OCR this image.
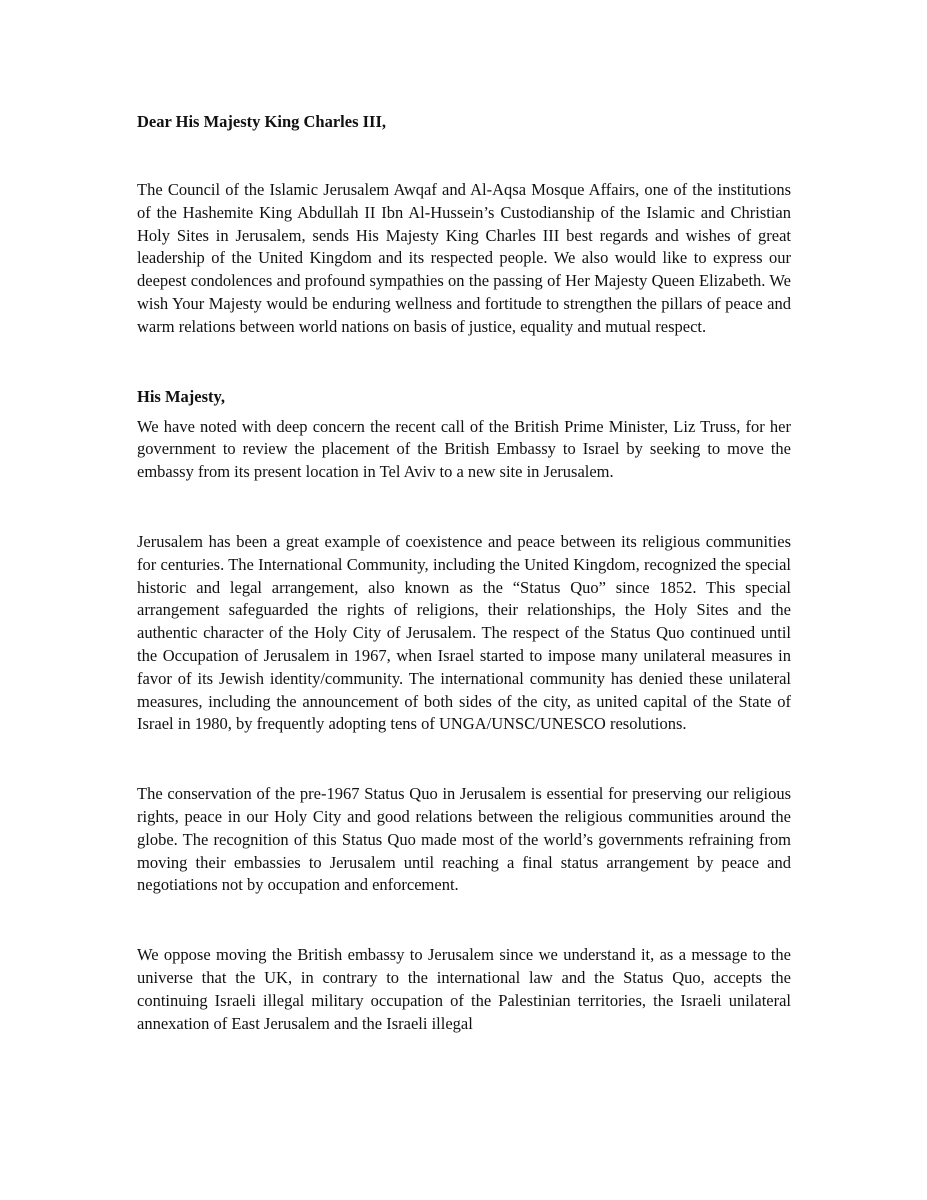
Dear His Majesty King Charles III,

The Council of the Islamic Jerusalem Awqaf and Al-Aqsa Mosque Affairs, one of the institutions of the Hashemite King Abdullah II Ibn Al-Hussein’s Custodianship of the Islamic and Christian Holy Sites in Jerusalem, sends His Majesty King Charles III best regards and wishes of great leadership of the United Kingdom and its respected people. We also would like to express our deepest condolences and profound sympathies on the passing of Her Majesty Queen Elizabeth. We wish Your Majesty would be enduring wellness and fortitude to strengthen the pillars of peace and warm relations between world nations on basis of justice, equality and mutual respect.

His Majesty,

We have noted with deep concern the recent call of the British Prime Minister, Liz Truss, for her government to review the placement of the British Embassy to Israel by seeking to move the embassy from its present location in Tel Aviv to a new site in Jerusalem.

Jerusalem has been a great example of coexistence and peace between its religious communities for centuries. The International Community, including the United Kingdom, recognized the special historic and legal arrangement, also known as the “Status Quo” since 1852. This special arrangement safeguarded the rights of religions, their relationships, the Holy Sites and the authentic character of the Holy City of Jerusalem. The respect of the Status Quo continued until the Occupation of Jerusalem in 1967, when Israel started to impose many unilateral measures in favor of its Jewish identity/community. The international community has denied these unilateral measures, including the announcement of both sides of the city, as united capital of the State of Israel in 1980, by frequently adopting tens of UNGA/UNSC/UNESCO resolutions.

The conservation of the pre-1967 Status Quo in Jerusalem is essential for preserving our religious rights, peace in our Holy City and good relations between the religious communities around the globe. The recognition of this Status Quo made most of the world’s governments refraining from moving their embassies to Jerusalem until reaching a final status arrangement by peace and negotiations not by occupation and enforcement.

We oppose moving the British embassy to Jerusalem since we understand it, as a message to the universe that the UK, in contrary to the international law and the Status Quo, accepts the continuing Israeli illegal military occupation of the Palestinian territories, the Israeli unilateral annexation of East Jerusalem and the Israeli illegal
